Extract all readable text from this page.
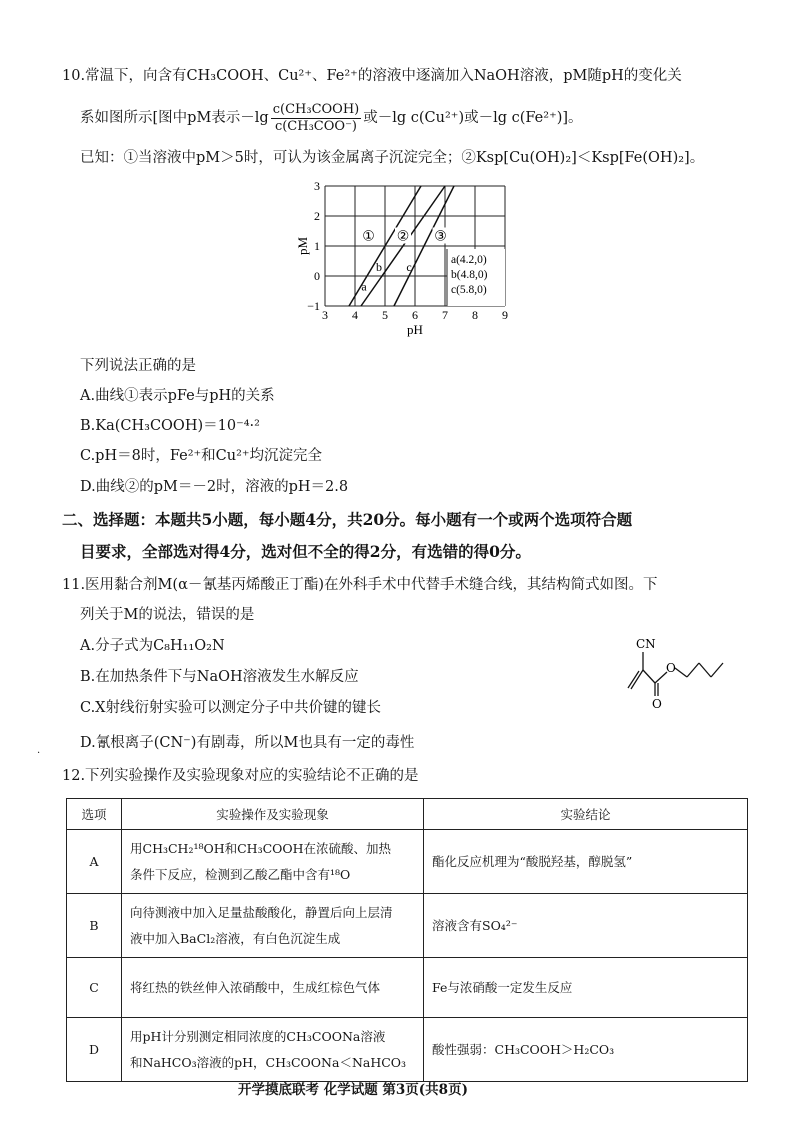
10.常温下，向含有CH₃COOH、Cu²⁺、Fe²⁺的溶液中逐滴加入NaOH溶液，pM随pH的变化关
系如图所示[图中pM表示$-\lg \frac{\text{c(CH₃COOH)}}{\text{c(CH₃COO⁻)}}$ 或－lg c(Cu²⁺)或－lg c(Fe²⁺)]。
已知：①当溶液中pM＞5时，可认为该金属离子沉淀完全；②Ksp[Cu(OH)₂]＜Ksp[Fe(OH)₂]。
① ② ③
3 4 5 6 7 8 9
3
2
1
0
−1
a
b c
pH
pM
a(4.2,0)
b(4.8,0)
c(5.8,0)
下列说法正确的是
A.曲线①表示pFe与pH的关系
B.Ka(CH₃COOH)＝10⁻⁴·²
C.pH＝8时，Fe²⁺和Cu²⁺均沉淀完全
D.曲线②的pM＝－2时，溶液的pH＝2.8
二、选择题：本题共5小题，每小题4分，共20分。每小题有一个或两个选项符合题
目要求，全部选对得4分，选对但不全的得2分，有选错的得0分。
11.医用黏合剂M(α－氰基丙烯酸正丁酯)在外科手术中代替手术缝合线，其结构简式如图。下
列关于M的说法，错误的是
A.分子式为C₈H₁₁O₂N
B.在加热条件下与NaOH溶液发生水解反应
C.X射线衍射实验可以测定分子中共价键的键长
D.氰根离子(CN⁻)有剧毒，所以M也具有一定的毒性
.
CN
O
O
12.下列实验操作及实验现象对应的实验结论不正确的是
选项	实验操作及实验现象	实验结论
A	用CH₃CH₂¹⁸OH和CH₃COOH在浓硫酸、加热
条件下反应，检测到乙酸乙酯中含有¹⁸O	酯化反应机理为“酸脱羟基，醇脱氢”
B	向待测液中加入足量盐酸酸化，静置后向上层清
液中加入BaCl₂溶液，有白色沉淀生成	溶液含有SO₄²⁻
C	将红热的铁丝伸入浓硝酸中，生成红棕色气体	Fe与浓硝酸一定发生反应
D	用pH计分别测定相同浓度的CH₃COONa溶液
和NaHCO₃溶液的pH，CH₃COONa＜NaHCO₃	酸性强弱：CH₃COOH＞H₂CO₃
开学摸底联考 化学试题 第3页(共8页)
